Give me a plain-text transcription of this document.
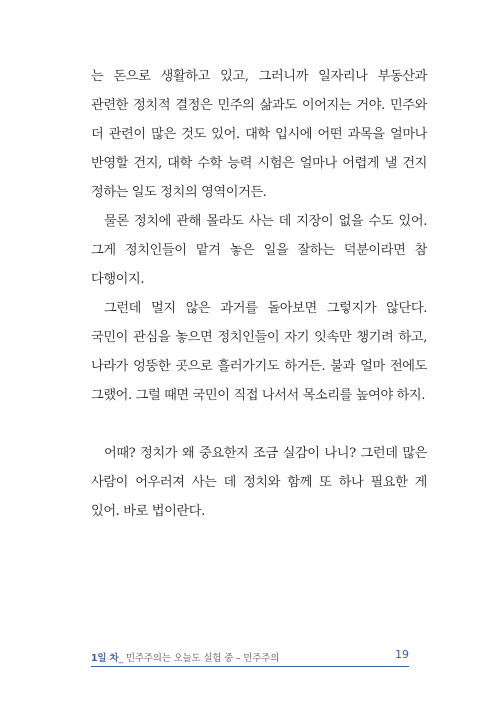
는 돈으로 생활하고 있고, 그러니까 일자리나 부동산과 관련한 정치적 결정은 민주의 삶과도 이어지는 거야. 민주와 더 관련이 많은 것도 있어. 대학 입시에 어떤 과목을 얼마나 반영할 건지, 대학 수학 능력 시험은 얼마나 어렵게 낼 건지 정하는 일도 정치의 영역이거든.

물론 정치에 관해 몰라도 사는 데 지장이 없을 수도 있어. 그게 정치인들이 맡겨 놓은 일을 잘하는 덕분이라면 참 다행이지.

그런데 멀지 않은 과거를 돌아보면 그렇지가 않단다. 국민이 관심을 놓으면 정치인들이 자기 잇속만 챙기려 하고, 나라가 엉뚱한 곳으로 흘러가기도 하거든. 불과 얼마 전에도 그랬어. 그럴 때면 국민이 직접 나서서 목소리를 높여야 하지.

어때? 정치가 왜 중요한지 조금 실감이 나니? 그런데 많은 사람이 어우러져 사는 데 정치와 함께 또 하나 필요한 게 있어. 바로 법이란다.

1일 차_ 민주주의는 오늘도 실험 중 – 민주주의	19
